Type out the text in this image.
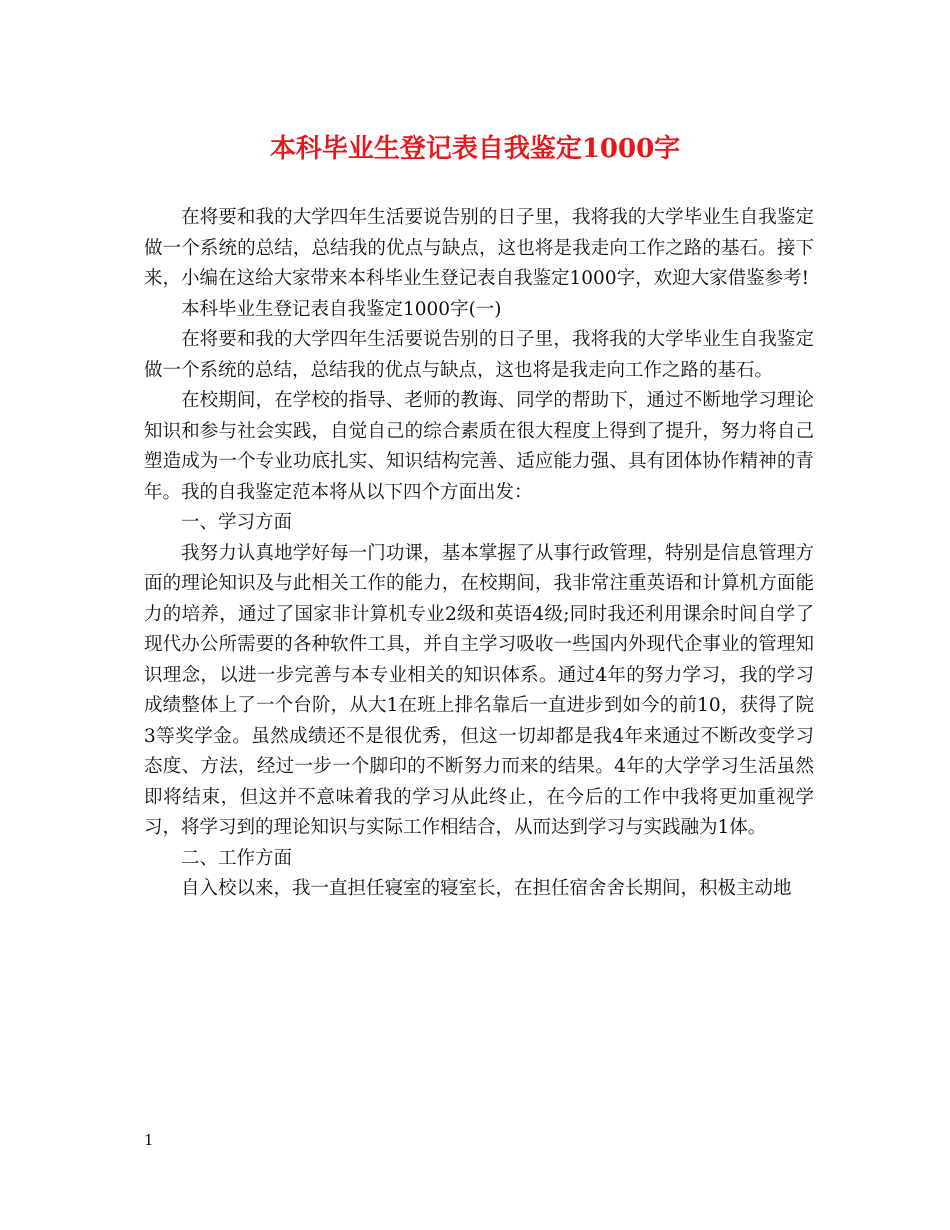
本科毕业生登记表自我鉴定1000字

在将要和我的大学四年生活要说告别的日子里，我将我的大学毕业生自我鉴定做一个系统的总结，总结我的优点与缺点，这也将是我走向工作之路的基石。接下来，小编在这给大家带来本科毕业生登记表自我鉴定1000字，欢迎大家借鉴参考!

本科毕业生登记表自我鉴定1000字(一)

在将要和我的大学四年生活要说告别的日子里，我将我的大学毕业生自我鉴定做一个系统的总结，总结我的优点与缺点，这也将是我走向工作之路的基石。

在校期间，在学校的指导、老师的教诲、同学的帮助下，通过不断地学习理论知识和参与社会实践，自觉自己的综合素质在很大程度上得到了提升，努力将自己塑造成为一个专业功底扎实、知识结构完善、适应能力强、具有团体协作精神的青年。我的自我鉴定范本将从以下四个方面出发：

一、学习方面

我努力认真地学好每一门功课，基本掌握了从事行政管理，特别是信息管理方面的理论知识及与此相关工作的能力，在校期间，我非常注重英语和计算机方面能力的培养，通过了国家非计算机专业2级和英语4级;同时我还利用课余时间自学了现代办公所需要的各种软件工具，并自主学习吸收一些国内外现代企事业的管理知识理念，以进一步完善与本专业相关的知识体系。通过4年的努力学习，我的学习成绩整体上了一个台阶，从大1在班上排名靠后一直进步到如今的前10，获得了院3等奖学金。虽然成绩还不是很优秀，但这一切却都是我4年来通过不断改变学习态度、方法，经过一步一个脚印的不断努力而来的结果。4年的大学学习生活虽然即将结束，但这并不意味着我的学习从此终止，在今后的工作中我将更加重视学习，将学习到的理论知识与实际工作相结合，从而达到学习与实践融为1体。

二、工作方面

自入校以来，我一直担任寝室的寝室长，在担任宿舍舍长期间，积极主动地

1
